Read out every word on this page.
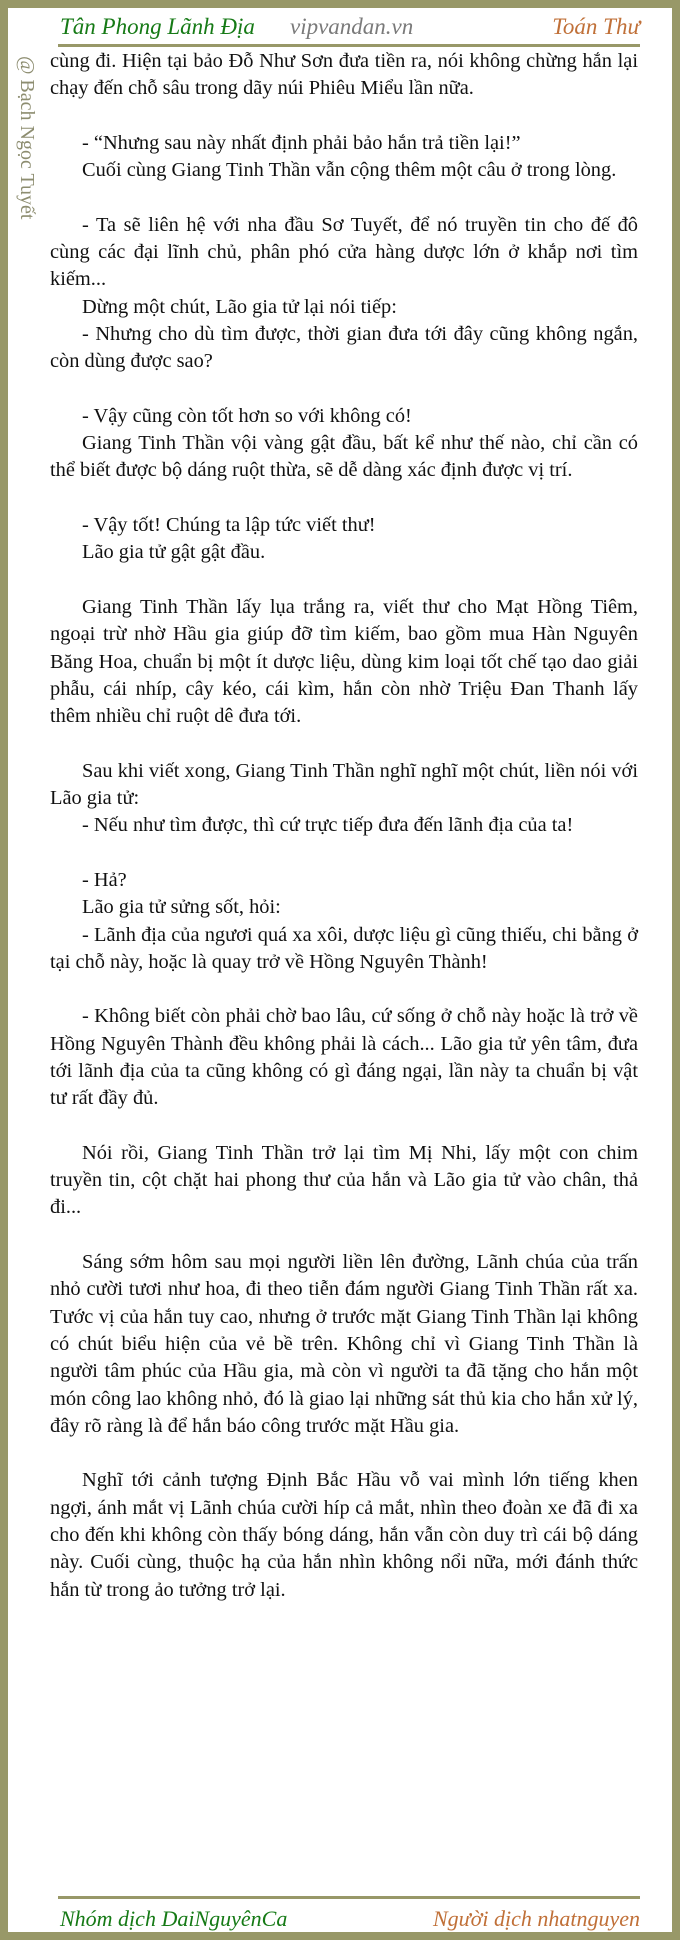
Tân Phong Lãnh Địa vipvandan.vn	Toán Thư
@ Bạch Ngọc Tuyết cùng đi. Hiện tại bảo Đỗ Như Sơn đưa tiền ra, nói không chừng hắn lại chạy đến chỗ sâu trong dãy núi Phiêu Miểu lần nữa.

- “Nhưng sau này nhất định phải bảo hắn trả tiền lại!”

Cuối cùng Giang Tinh Thần vẫn cộng thêm một câu ở trong lòng.

- Ta sẽ liên hệ với nha đầu Sơ Tuyết, để nó truyền tin cho đế đô cùng các đại lĩnh chủ, phân phó cửa hàng dược lớn ở khắp nơi tìm kiếm...

Dừng một chút, Lão gia tử lại nói tiếp:

- Nhưng cho dù tìm được, thời gian đưa tới đây cũng không ngắn, còn dùng được sao?

- Vậy cũng còn tốt hơn so với không có!

Giang Tinh Thần vội vàng gật đầu, bất kể như thế nào, chỉ cần có thể biết được bộ dáng ruột thừa, sẽ dễ dàng xác định được vị trí.

- Vậy tốt! Chúng ta lập tức viết thư!

Lão gia tử gật gật đầu.

Giang Tinh Thần lấy lụa trắng ra, viết thư cho Mạt Hồng Tiêm, ngoại trừ nhờ Hầu gia giúp đỡ tìm kiếm, bao gồm mua Hàn Nguyên Băng Hoa, chuẩn bị một ít dược liệu, dùng kim loại tốt chế tạo dao giải phẫu, cái nhíp, cây kéo, cái kìm, hắn còn nhờ Triệu Đan Thanh lấy thêm nhiều chỉ ruột dê đưa tới.

Sau khi viết xong, Giang Tinh Thần nghĩ nghĩ một chút, liền nói với Lão gia tử:

- Nếu như tìm được, thì cứ trực tiếp đưa đến lãnh địa của ta!

- Hả?

Lão gia tử sửng sốt, hỏi:

- Lãnh địa của ngươi quá xa xôi, dược liệu gì cũng thiếu, chi bằng ở tại chỗ này, hoặc là quay trở về Hồng Nguyên Thành!

- Không biết còn phải chờ bao lâu, cứ sống ở chỗ này hoặc là trở về Hồng Nguyên Thành đều không phải là cách... Lão gia tử yên tâm, đưa tới lãnh địa của ta cũng không có gì đáng ngại, lần này ta chuẩn bị vật tư rất đầy đủ.

Nói rồi, Giang Tinh Thần trở lại tìm Mị Nhi, lấy một con chim truyền tin, cột chặt hai phong thư của hắn và Lão gia tử vào chân, thả đi...

Sáng sớm hôm sau mọi người liền lên đường, Lãnh chúa của trấn nhỏ cười tươi như hoa, đi theo tiễn đám người Giang Tinh Thần rất xa. Tước vị của hắn tuy cao, nhưng ở trước mặt Giang Tinh Thần lại không có chút biểu hiện của vẻ bề trên. Không chỉ vì Giang Tinh Thần là người tâm phúc của Hầu gia, mà còn vì người ta đã tặng cho hắn một món công lao không nhỏ, đó là giao lại những sát thủ kia cho hắn xử lý, đây rõ ràng là để hắn báo công trước mặt Hầu gia.

Nghĩ tới cảnh tượng Định Bắc Hầu vỗ vai mình lớn tiếng khen ngợi, ánh mắt vị Lãnh chúa cười híp cả mắt, nhìn theo đoàn xe đã đi xa cho đến khi không còn thấy bóng dáng, hắn vẫn còn duy trì cái bộ dáng này. Cuối cùng, thuộc hạ của hắn nhìn không nổi nữa, mới đánh thức hắn từ trong ảo tưởng trở lại.

Nhóm dịch DaiNguyênCa	Người dịch nhatnguyen
